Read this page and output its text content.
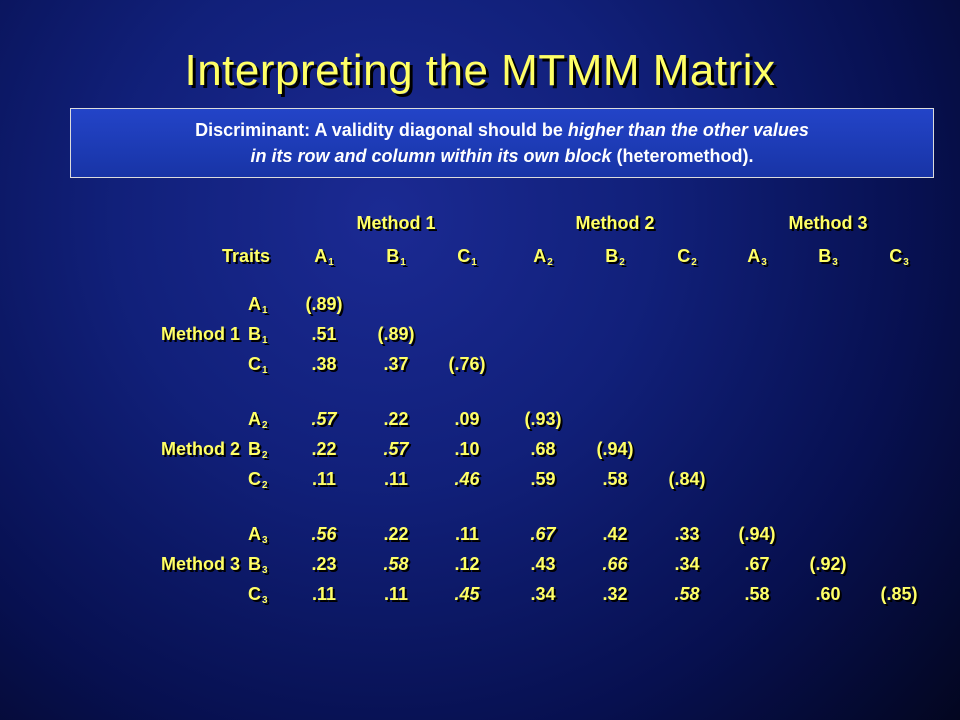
Interpreting the MTMM Matrix
Discriminant: A validity diagonal should be higher than the other values
in its row and column within its own block (heteromethod).
Method 1	Method 2	Method 3
Traits	$A_1$	$B_1$	$C_1$	$A_2$	$B_2$	$C_2$	$A_3$	$B_3$	$C_3$
Method 1
$A_1$	(.89)
$B_1$	.51	(.89)
$C_1$	.38	.37	(.76)
Method 2
$A_2$	.57	.22	.09	(.93)
$B_2$	.22	.57	.10	.68	(.94)
$C_2$	.11	.11	.46	.59	.58	(.84)
Method 3
$A_3$	.56	.22	.11	.67	.42	.33	(.94)
$B_3$	.23	.58	.12	.43	.66	.34	.67	(.92)
$C_3$	.11	.11	.45	.34	.32	.58	.58	.60	(.85)
